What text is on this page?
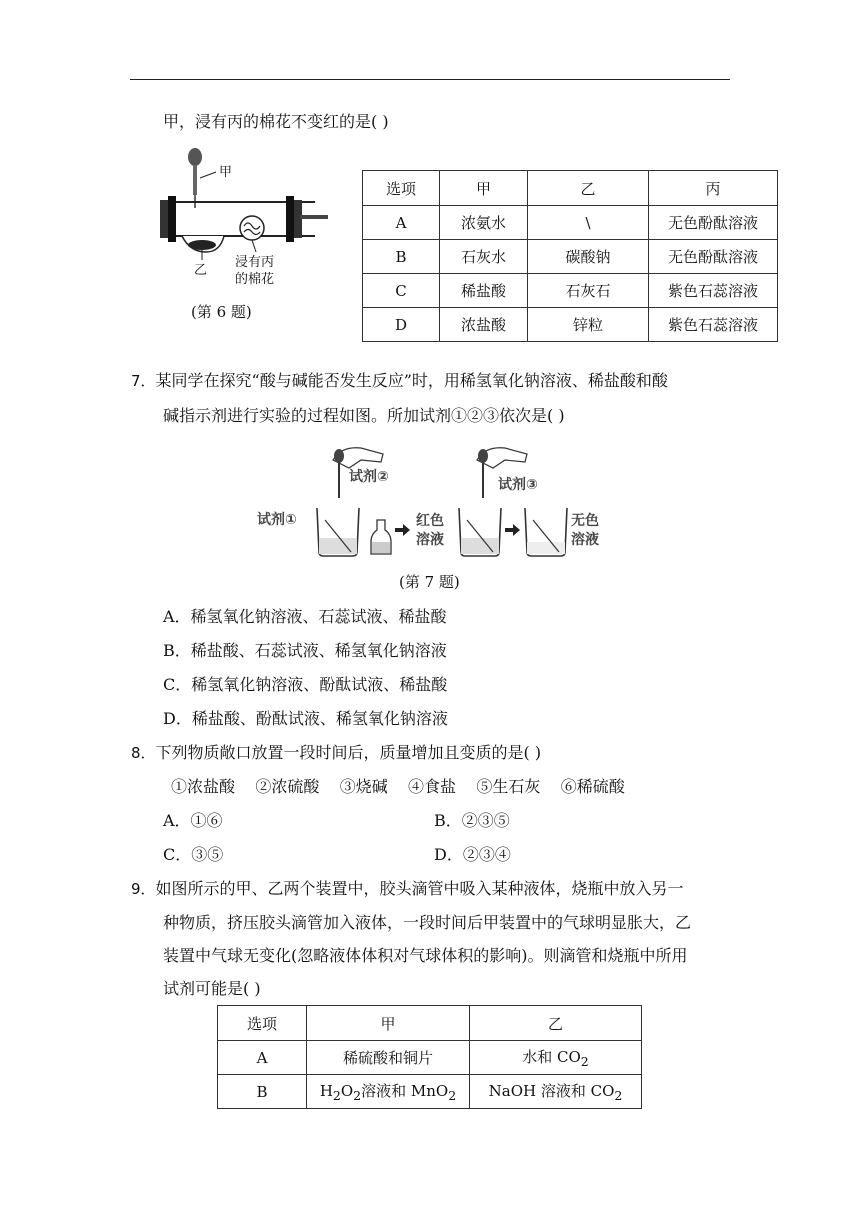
甲，浸有丙的棉花不变红的是( )
甲
乙
浸有丙
的棉花
(第 6 题)
选项	甲	乙	丙
A	浓氨水	\	无色酚酞溶液
B	石灰水	碳酸钠	无色酚酞溶液
C	稀盐酸	石灰石	紫色石蕊溶液
D	浓盐酸	锌粒	紫色石蕊溶液
7．某同学在探究“酸与碱能否发生反应”时，用稀氢氧化钠溶液、稀盐酸和酸
碱指示剂进行实验的过程如图。所加试剂①②③依次是( )
试剂②
试剂①
试剂③
红色
溶液
无色
溶液
(第 7 题)
A．稀氢氧化钠溶液、石蕊试液、稀盐酸
B．稀盐酸、石蕊试液、稀氢氧化钠溶液
C．稀氢氧化钠溶液、酚酞试液、稀盐酸
D．稀盐酸、酚酞试液、稀氢氧化钠溶液
8．下列物质敞口放置一段时间后，质量增加且变质的是( )
①浓盐酸    ②浓硫酸    ③烧碱    ④食盐    ⑤生石灰    ⑥稀硫酸
A．①⑥	B．②③⑤
C．③⑤	D．②③④
9．如图所示的甲、乙两个装置中，胶头滴管中吸入某种液体，烧瓶中放入另一
种物质，挤压胶头滴管加入液体，一段时间后甲装置中的气球明显胀大，乙
装置中气球无变化(忽略液体体积对气球体积的影响)。则滴管和烧瓶中所用
试剂可能是( )
选项	甲	乙
A	稀硫酸和铜片	水和 $CO_2$
B	$H_2O_2$溶液和 MnO$_2$	NaOH 溶液和 $CO_2$
